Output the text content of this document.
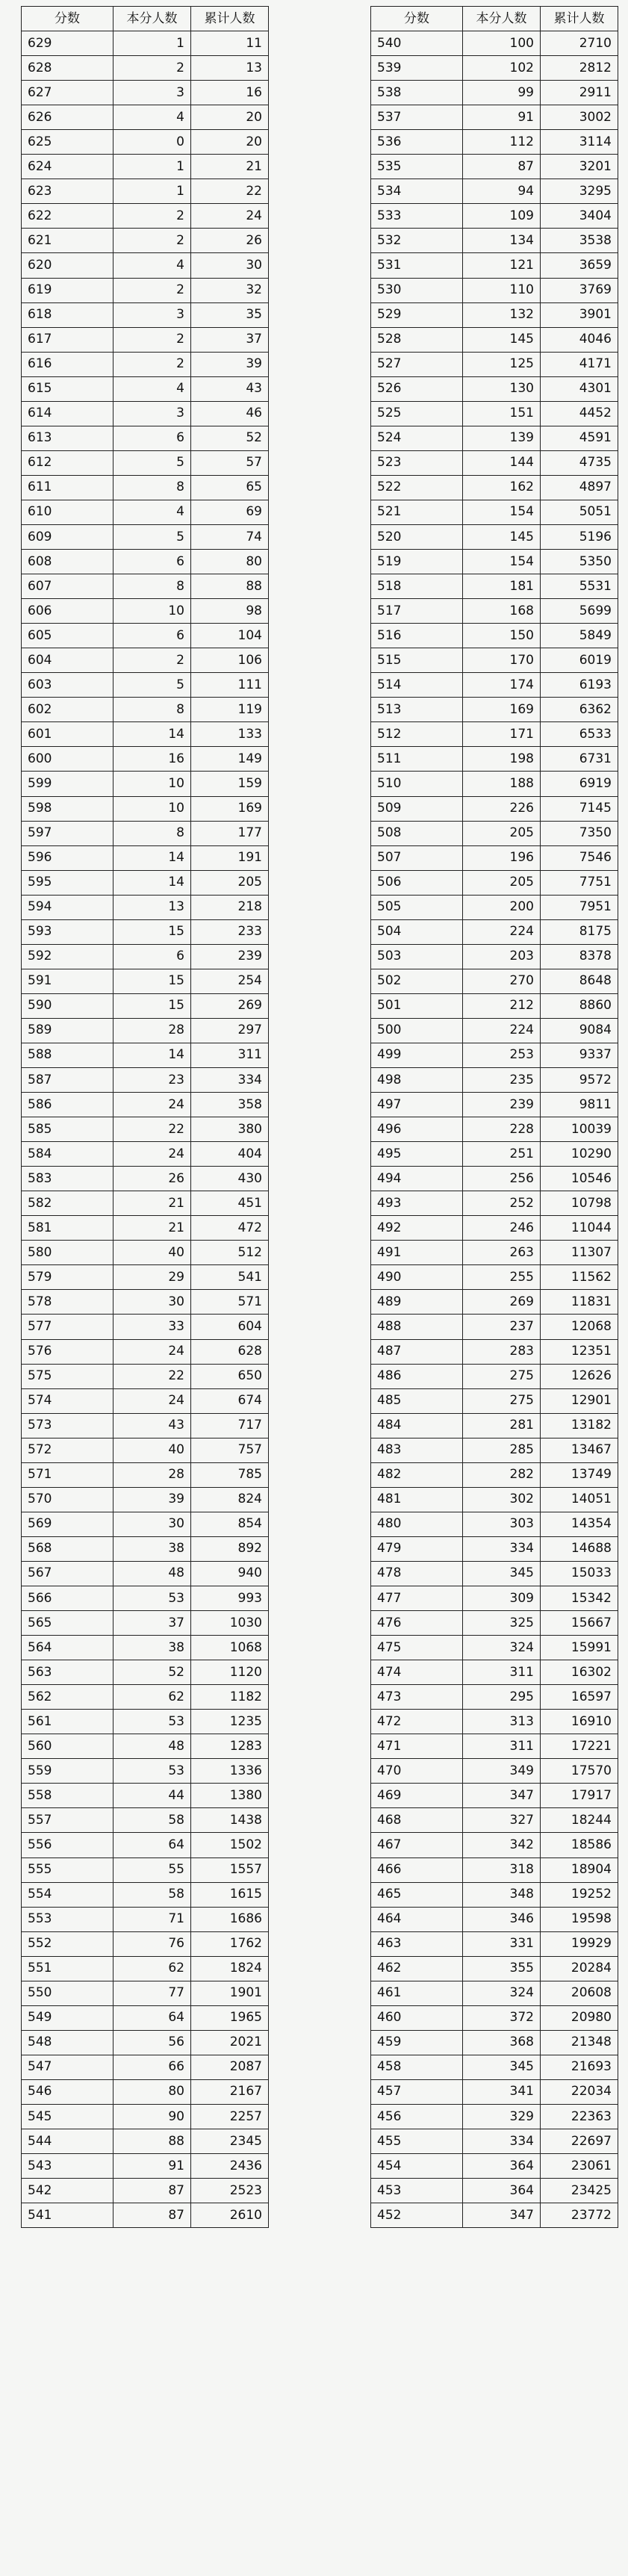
分数	本分人数	累计人数
629	1	11
628	2	13
627	3	16
626	4	20
625	0	20
624	1	21
623	1	22
622	2	24
621	2	26
620	4	30
619	2	32
618	3	35
617	2	37
616	2	39
615	4	43
614	3	46
613	6	52
612	5	57
611	8	65
610	4	69
609	5	74
608	6	80
607	8	88
606	10	98
605	6	104
604	2	106
603	5	111
602	8	119
601	14	133
600	16	149
599	10	159
598	10	169
597	8	177
596	14	191
595	14	205
594	13	218
593	15	233
592	6	239
591	15	254
590	15	269
589	28	297
588	14	311
587	23	334
586	24	358
585	22	380
584	24	404
583	26	430
582	21	451
581	21	472
580	40	512
579	29	541
578	30	571
577	33	604
576	24	628
575	22	650
574	24	674
573	43	717
572	40	757
571	28	785
570	39	824
569	30	854
568	38	892
567	48	940
566	53	993
565	37	1030
564	38	1068
563	52	1120
562	62	1182
561	53	1235
560	48	1283
559	53	1336
558	44	1380
557	58	1438
556	64	1502
555	55	1557
554	58	1615
553	71	1686
552	76	1762
551	62	1824
550	77	1901
549	64	1965
548	56	2021
547	66	2087
546	80	2167
545	90	2257
544	88	2345
543	91	2436
542	87	2523
541	87	2610
分数	本分人数	累计人数
540	100	2710
539	102	2812
538	99	2911
537	91	3002
536	112	3114
535	87	3201
534	94	3295
533	109	3404
532	134	3538
531	121	3659
530	110	3769
529	132	3901
528	145	4046
527	125	4171
526	130	4301
525	151	4452
524	139	4591
523	144	4735
522	162	4897
521	154	5051
520	145	5196
519	154	5350
518	181	5531
517	168	5699
516	150	5849
515	170	6019
514	174	6193
513	169	6362
512	171	6533
511	198	6731
510	188	6919
509	226	7145
508	205	7350
507	196	7546
506	205	7751
505	200	7951
504	224	8175
503	203	8378
502	270	8648
501	212	8860
500	224	9084
499	253	9337
498	235	9572
497	239	9811
496	228	10039
495	251	10290
494	256	10546
493	252	10798
492	246	11044
491	263	11307
490	255	11562
489	269	11831
488	237	12068
487	283	12351
486	275	12626
485	275	12901
484	281	13182
483	285	13467
482	282	13749
481	302	14051
480	303	14354
479	334	14688
478	345	15033
477	309	15342
476	325	15667
475	324	15991
474	311	16302
473	295	16597
472	313	16910
471	311	17221
470	349	17570
469	347	17917
468	327	18244
467	342	18586
466	318	18904
465	348	19252
464	346	19598
463	331	19929
462	355	20284
461	324	20608
460	372	20980
459	368	21348
458	345	21693
457	341	22034
456	329	22363
455	334	22697
454	364	23061
453	364	23425
452	347	23772
